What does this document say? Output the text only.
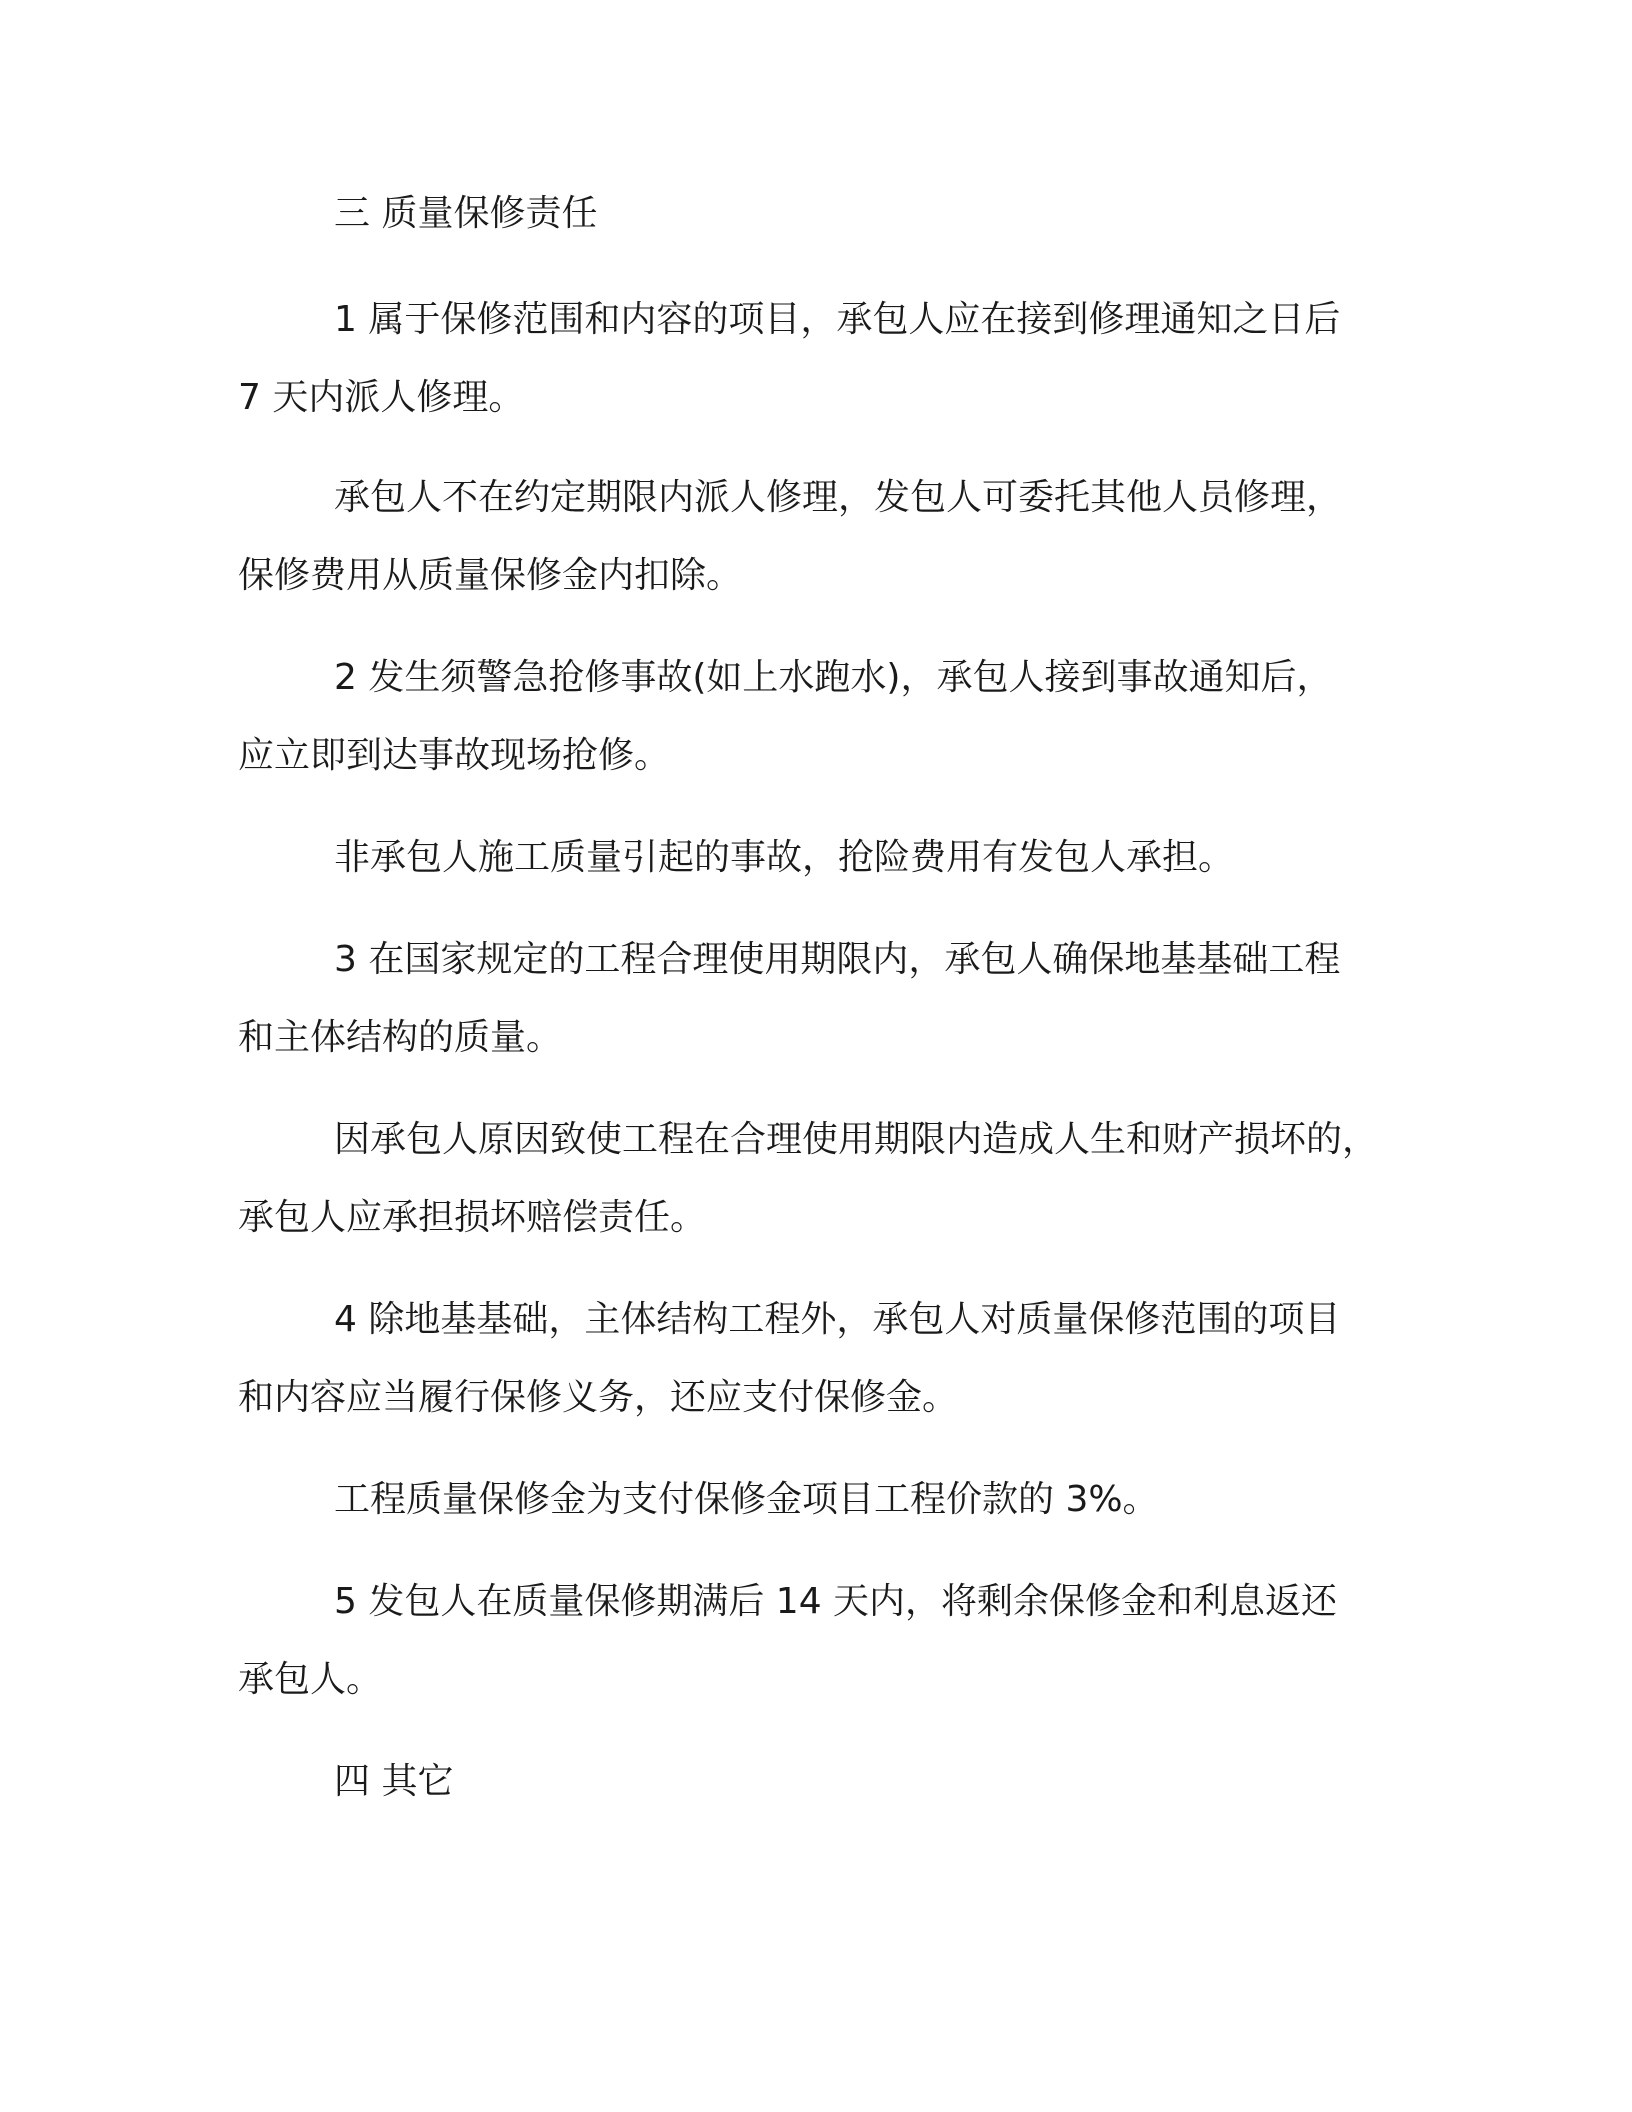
三 质量保修责任
1 属于保修范围和内容的项目，承包人应在接到修理通知之日后
7 天内派人修理。
承包人不在约定期限内派人修理，发包人可委托其他人员修理，
保修费用从质量保修金内扣除。
2 发生须警急抢修事故(如上水跑水)，承包人接到事故通知后，
应立即到达事故现场抢修。
非承包人施工质量引起的事故，抢险费用有发包人承担。
3 在国家规定的工程合理使用期限内，承包人确保地基基础工程
和主体结构的质量。
因承包人原因致使工程在合理使用期限内造成人生和财产损坏的，
承包人应承担损坏赔偿责任。
4 除地基基础，主体结构工程外，承包人对质量保修范围的项目
和内容应当履行保修义务，还应支付保修金。
工程质量保修金为支付保修金项目工程价款的 3%。
5 发包人在质量保修期满后 14 天内，将剩余保修金和利息返还
承包人。
四 其它
